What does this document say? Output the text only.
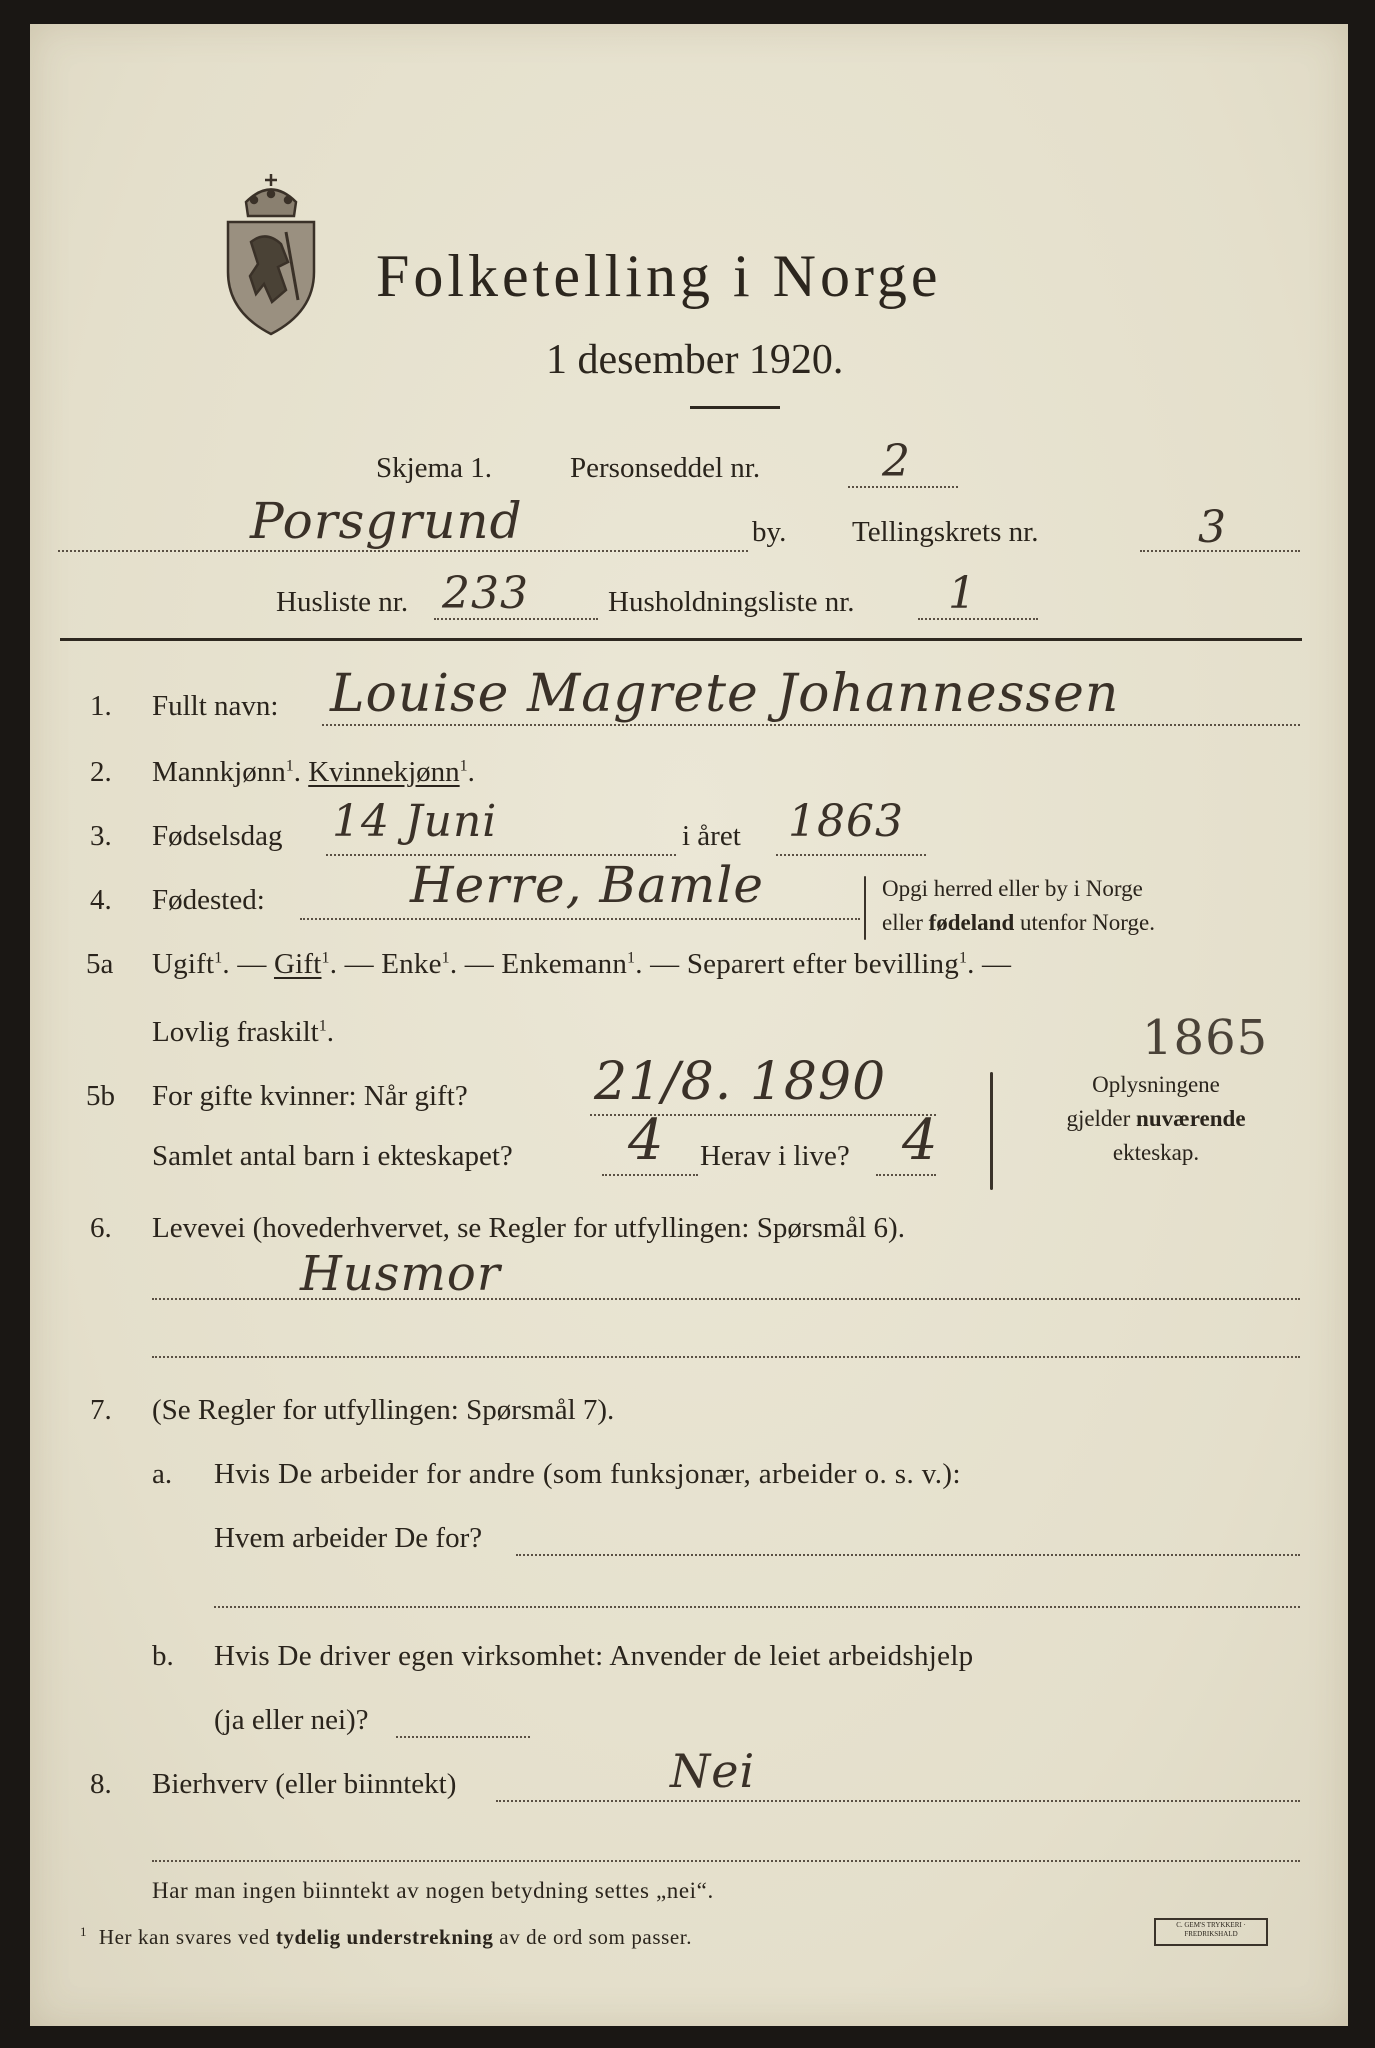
Folketelling i Norge
1 desember 1920.
Skjema 1.	Personseddel nr.	2
Porsgrund	by. Tellingskrets nr.	3
Husliste nr. 233	Husholdningsliste nr. 1
1. Fullt navn: Louise Magrete Johannessen
2. Mannkjønn$^1$. Kvinnekjønn$^1$.
3. Fødselsdag 14 Juni	i året 1863
4. Fødested:	Herre, Bamle	Opgi herred eller by i Norge
eller fødeland utenfor Norge.
5a Ugift$^1$. — Gift$^1$. — Enke$^1$. — Enkemann$^1$. — Separert efter bevilling$^1$. —
Lovlig fraskilt$^1$.	1865
5b For gifte kvinner: Når gift? 21/8. 1890
Samlet antal barn i ekteskapet? 4 Herav i live? 4
Oplysningene
gjelder nuværende
ekteskap.
6. Levevei (hovederhvervet, se Regler for utfyllingen: Spørsmål 6).
Husmor
7. (Se Regler for utfyllingen: Spørsmål 7).
a. Hvis De arbeider for andre (som funksjonær, arbeider o. s. v.):
Hvem arbeider De for?
b. Hvis De driver egen virksomhet: Anvender de leiet arbeidshjelp
(ja eller nei)?
8. Bierhverv (eller biinntekt)	Nei
Har man ingen biinntekt av nogen betydning settes „nei“.
$^1$ Her kan svares ved tydelig understrekning av de ord som passer.	C. GEM'S TRYKKERI · FREDRIKSHALD
